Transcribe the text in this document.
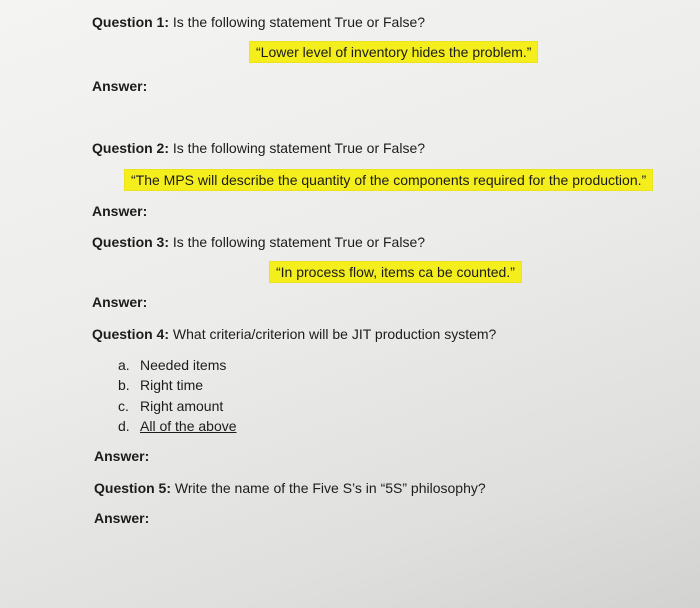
Question 1: Is the following statement True or False?
“Lower level of inventory hides the problem.”
Answer:
Question 2: Is the following statement True or False?
“The MPS will describe the quantity of the components required for the production.”
Answer:
Question 3: Is the following statement True or False?
“In process flow, items ca be counted.”
Answer:
Question 4: What criteria/criterion will be JIT production system?
a. Needed items
b. Right time
c. Right amount
d. All of the above
Answer:
Question 5: Write the name of the Five S’s in “5S” philosophy?
Answer:
